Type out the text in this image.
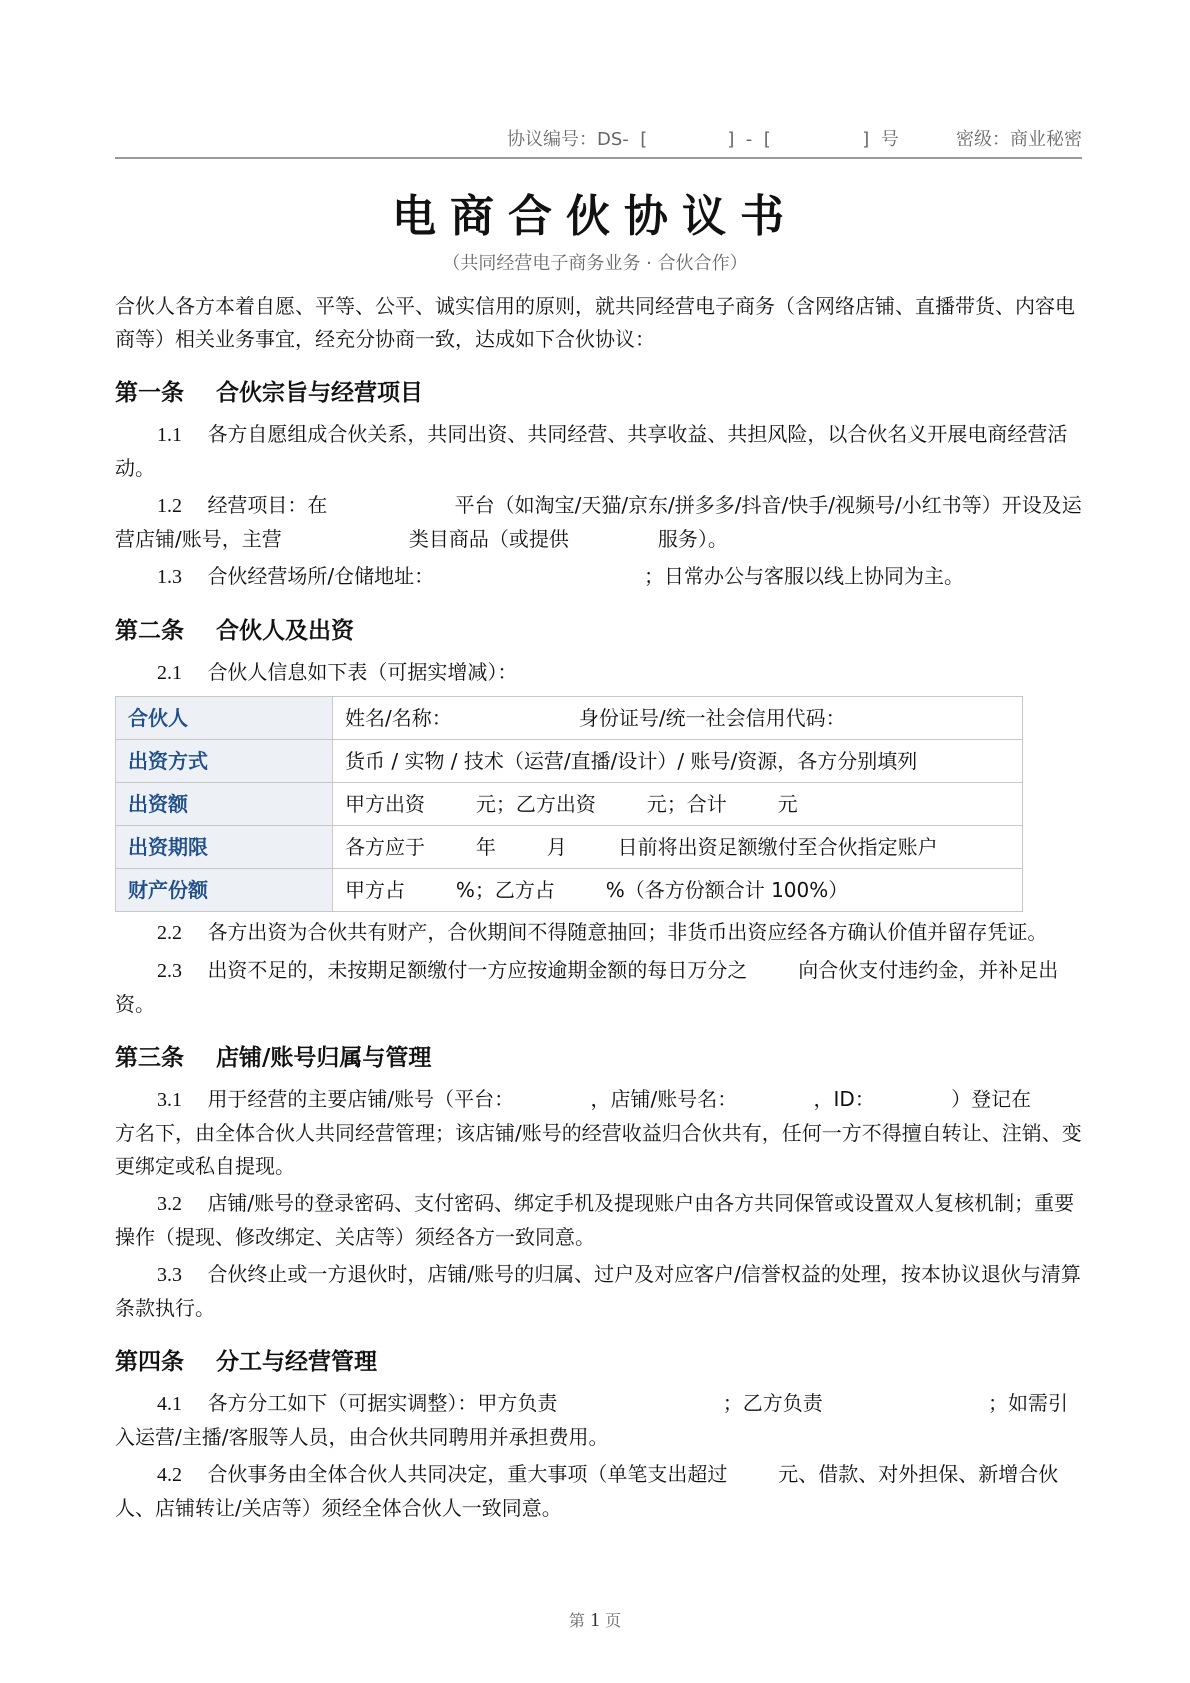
协议编号：DS-  [              ]  -  [                ]  号	密级：商业秘密
电商合伙协议书
（共同经营电子商务业务 · 合伙合作）

合伙人各方本着自愿、平等、公平、诚实信用的原则，就共同经营电子商务（含网络店铺、直播带货、内容电商等）相关业务事宜，经充分协商一致，达成如下合伙协议：

第一条    合伙宗旨与经营项目

1.1 各方自愿组成合伙关系，共同出资、共同经营、共享收益、共担风险，以合伙名义开展电商经营活动。

1.2 经营项目：在                    平台（如淘宝/天猫/京东/拼多多/抖音/快手/视频号/小红书等）开设及运营店铺/账号，主营                    类目商品（或提供              服务）。

1.3 合伙经营场所/仓储地址：                                 ；日常办公与客服以线上协同为主。

第二条    合伙人及出资

2.1 合伙人信息如下表（可据实增减）：

合伙人	姓名/名称：                    身份证号/统一社会信用代码：
出资方式	货币 / 实物 / 技术（运营/直播/设计）/ 账号/资源，各方分别填列
出资额	甲方出资        元；乙方出资        元；合计        元
出资期限	各方应于        年        月        日前将出资足额缴付至合伙指定账户
财产份额	甲方占        %；乙方占        %（各方份额合计 100%）

2.2 各方出资为合伙共有财产，合伙期间不得随意抽回；非货币出资应经各方确认价值并留存凭证。

2.3 出资不足的，未按期足额缴付一方应按逾期金额的每日万分之        向合伙支付违约金，并补足出资。

第三条    店铺/账号归属与管理

3.1 用于经营的主要店铺/账号（平台：            ，店铺/账号名：            ，ID：            ）登记在        方名下，由全体合伙人共同经营管理；该店铺/账号的经营收益归合伙共有，任何一方不得擅自转让、注销、变更绑定或私自提现。

3.2 店铺/账号的登录密码、支付密码、绑定手机及提现账户由各方共同保管或设置双人复核机制；重要操作（提现、修改绑定、关店等）须经各方一致同意。

3.3 合伙终止或一方退伙时，店铺/账号的归属、过户及对应客户/信誉权益的处理，按本协议退伙与清算条款执行。

第四条    分工与经营管理

4.1 各方分工如下（可据实调整）：甲方负责                          ；乙方负责                          ；如需引入运营/主播/客服等人员，由合伙共同聘用并承担费用。

4.2 合伙事务由全体合伙人共同决定，重大事项（单笔支出超过        元、借款、对外担保、新增合伙人、店铺转让/关店等）须经全体合伙人一致同意。

第 1 页
